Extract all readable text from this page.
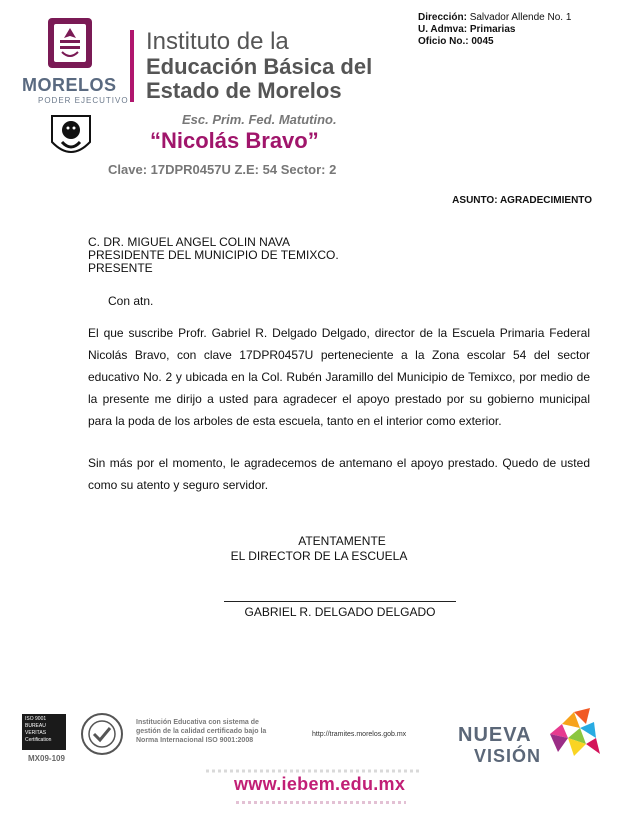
MORELOS
PODER EJECUTIVO
Instituto de la
Educación Básica del
Estado de Morelos
Dirección: Salvador Allende No. 1
U. Admva: Primarias
Oficio No.: 0045
Esc. Prim. Fed. Matutino.
“Nicolás Bravo”
Clave: 17DPR0457U Z.E: 54 Sector: 2
ASUNTO: AGRADECIMIENTO
C. DR. MIGUEL ANGEL COLIN NAVA
PRESIDENTE DEL MUNICIPIO DE TEMIXCO.
PRESENTE
Con atn.
El que suscribe Profr. Gabriel R. Delgado Delgado, director de la Escuela Primaria Federal Nicolás Bravo, con clave 17DPR0457U perteneciente a la Zona escolar 54 del sector educativo No. 2 y ubicada en la Col. Rubén Jaramillo del Municipio de Temixco, por medio de la presente me dirijo a usted para agradecer el apoyo prestado por su gobierno municipal para la poda de los arboles de esta escuela, tanto en el interior como exterior.
Sin más por el momento, le agradecemos de antemano el apoyo prestado. Quedo de usted como su atento y seguro servidor.
ATENTAMENTE
EL DIRECTOR DE LA ESCUELA
GABRIEL R. DELGADO DELGADO
ISO 9001
BUREAU VERITAS
Certification
MX09-109
Institución Educativa con sistema de
gestión de la calidad certificado bajo la
Norma Internacional ISO 9001:2008
http://tramites.morelos.gob.mx	NUEVA
VISIÓN
www.iebem.edu.mx
